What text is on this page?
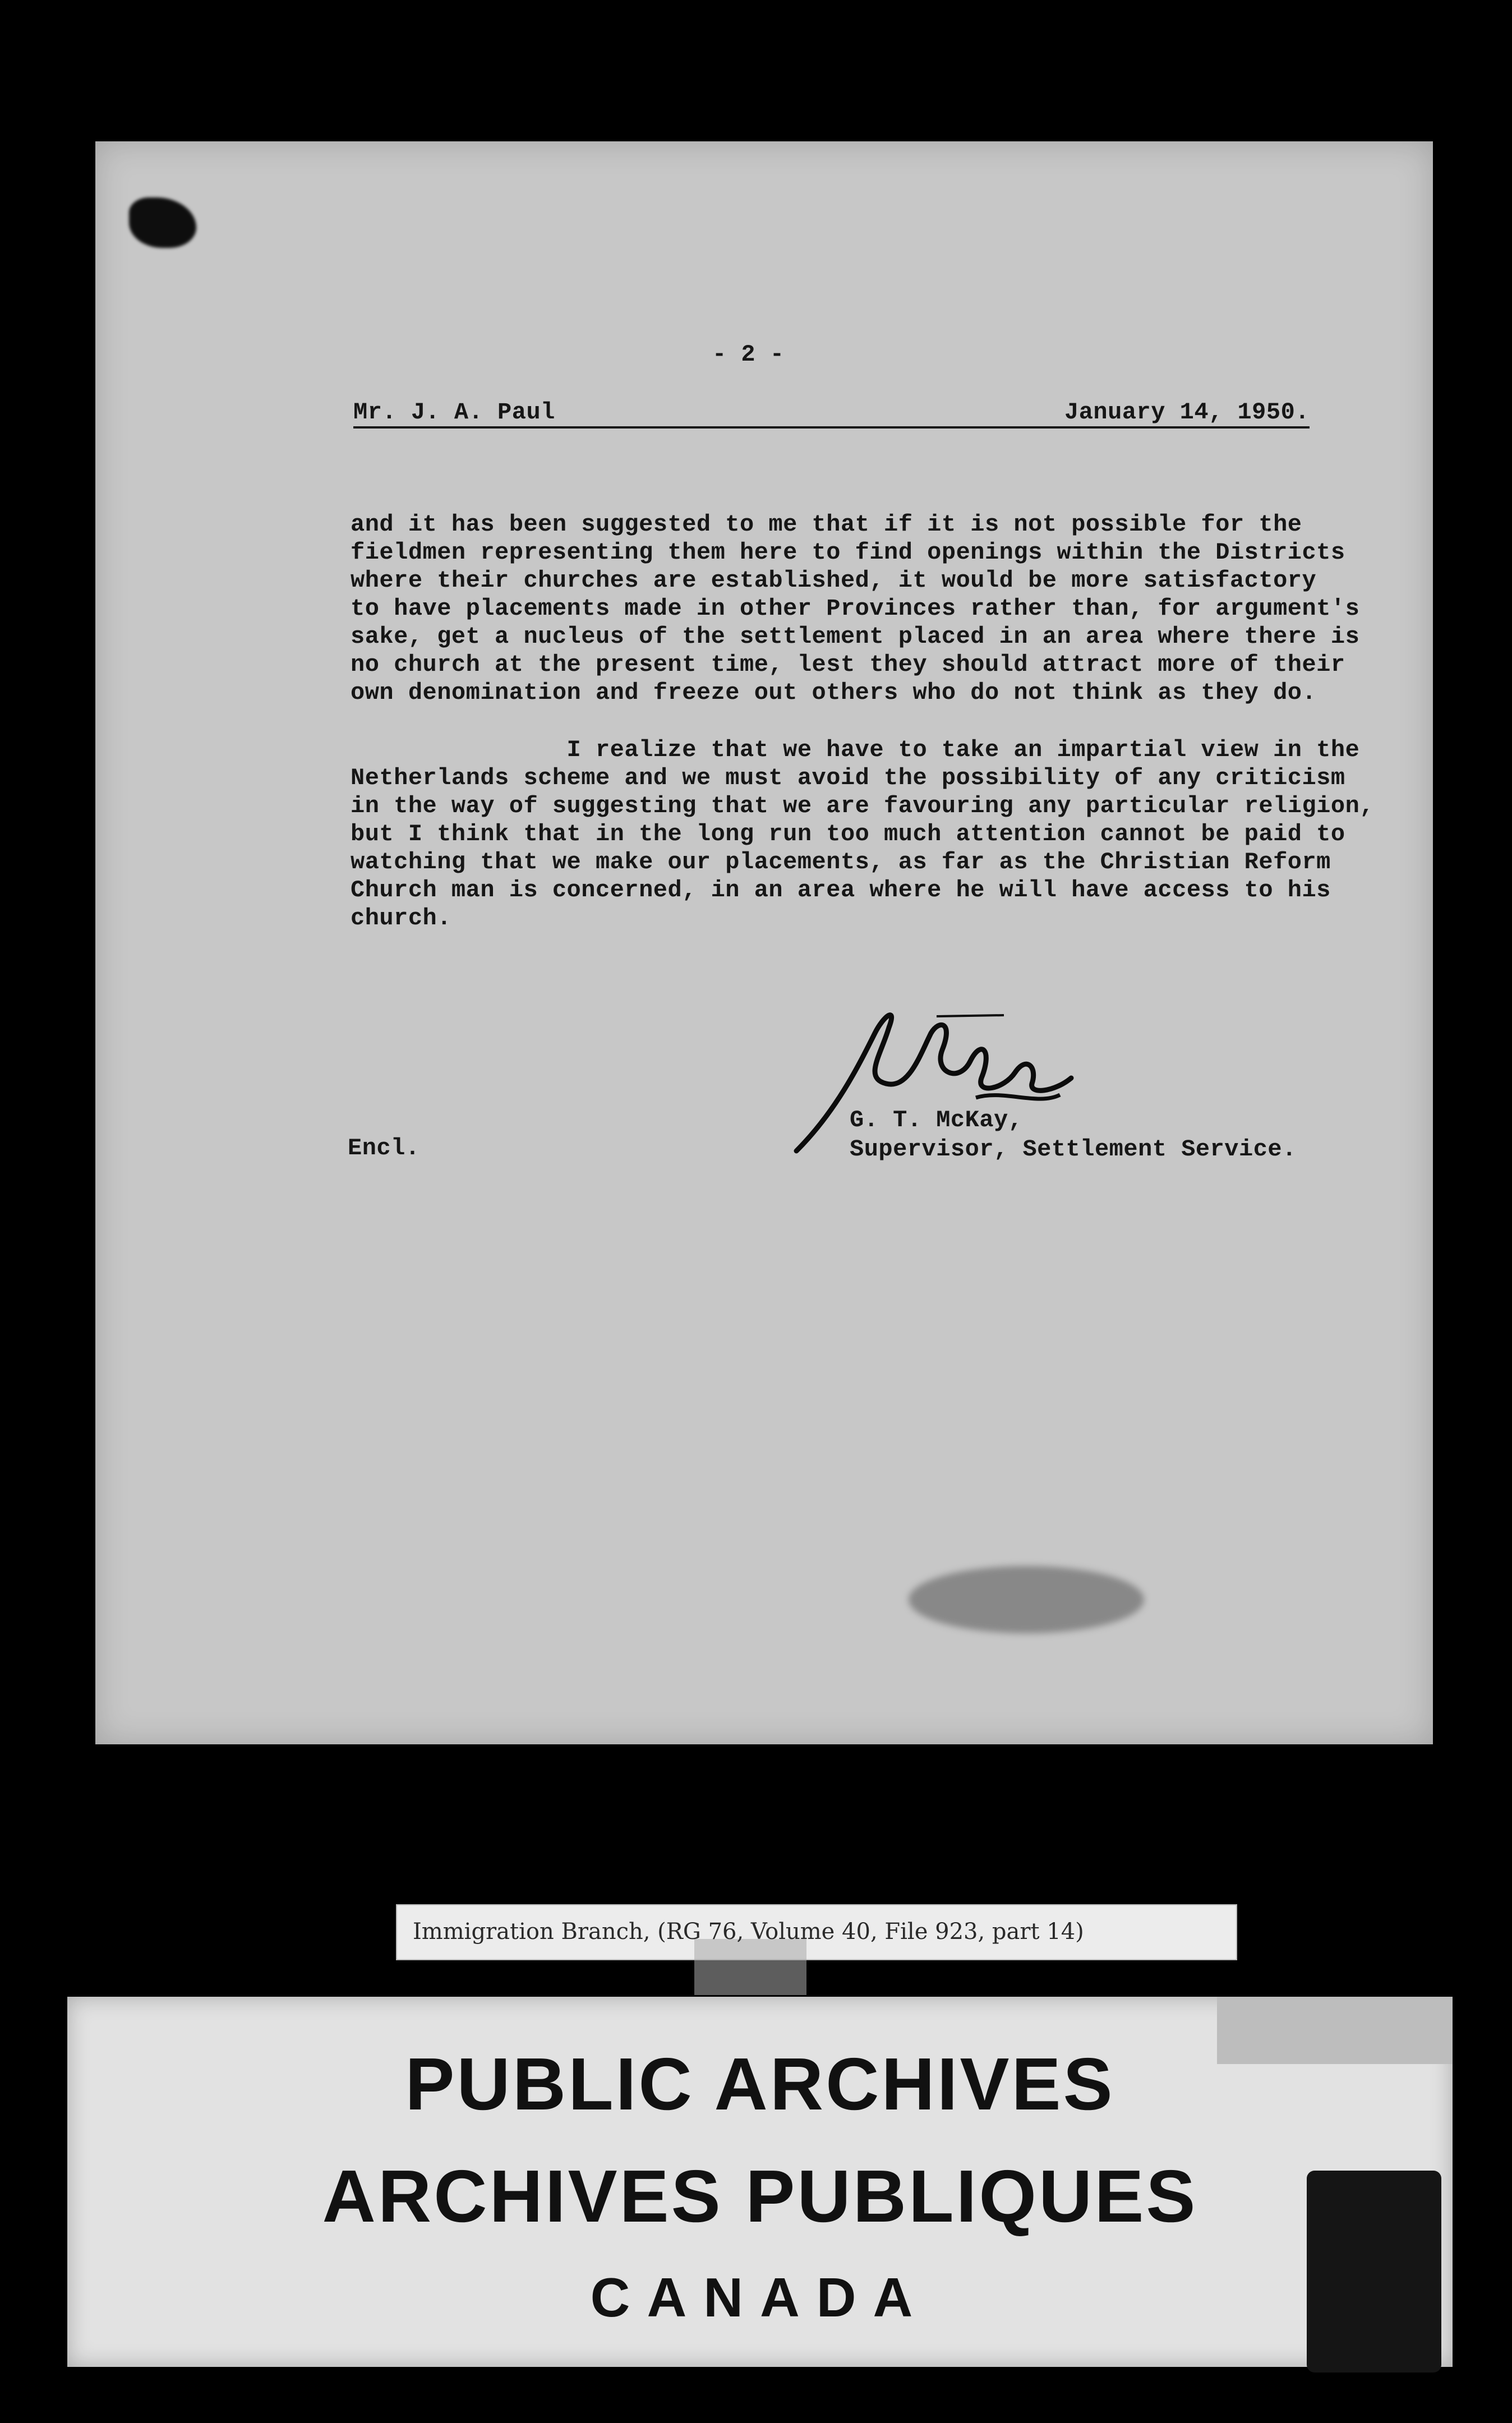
- 2 -

Mr. J. A. Paul	January 14, 1950.

and it has been suggested to me that if it is not possible for the
fieldmen representing them here to find openings within the Districts
where their churches are established, it would be more satisfactory
to have placements made in other Provinces rather than, for argument's
sake, get a nucleus of the settlement placed in an area where there is
no church at the present time, lest they should attract more of their
own denomination and freeze out others who do not think as they do.

I realize that we have to take an impartial view in the
Netherlands scheme and we must avoid the possibility of any criticism
in the way of suggesting that we are favouring any particular religion,
but I think that in the long run too much attention cannot be paid to
watching that we make our placements, as far as the Christian Reform
Church man is concerned, in an area where he will have access to his
church.

Encl.
G. T. McKay,
Supervisor, Settlement Service.
Immigration Branch, (RG 76, Volume 40, File 923, part 14)

PUBLIC ARCHIVES

ARCHIVES PUBLIQUES

CANADA
